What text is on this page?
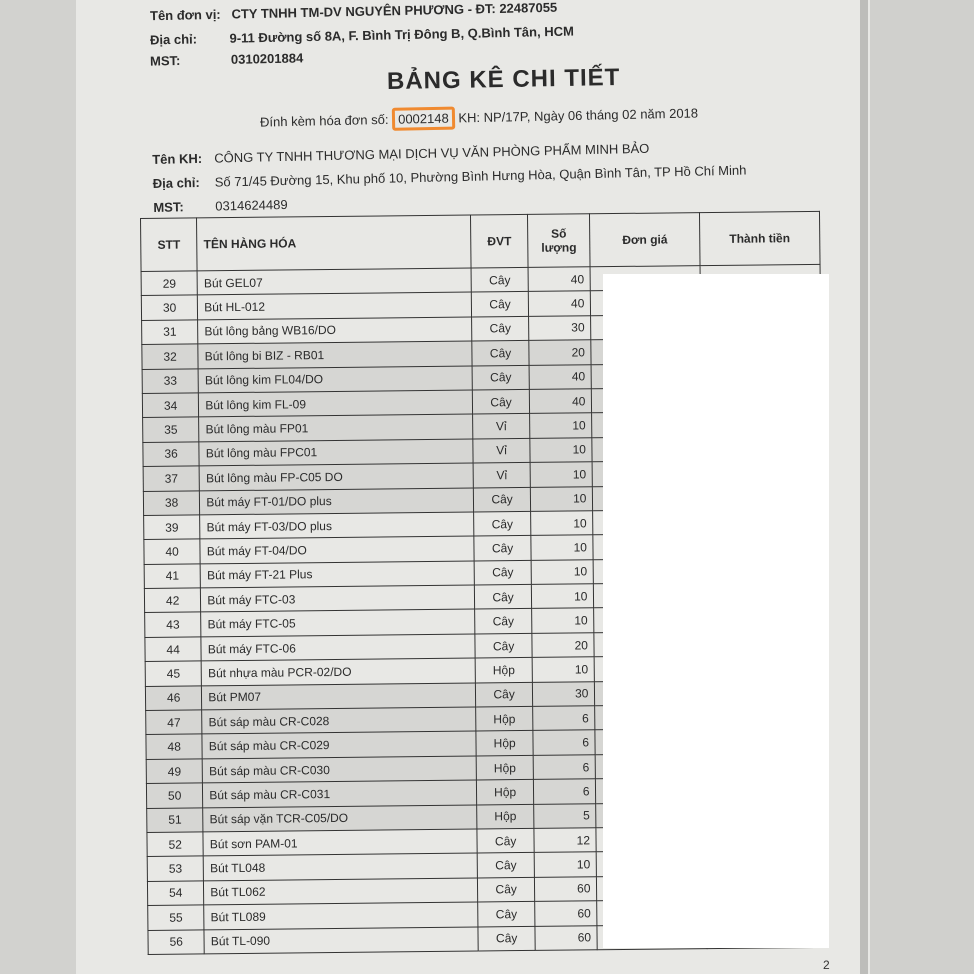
Tên đơn vị: CTY TNHH TM-DV NGUYÊN PHƯƠNG - ĐT: 22487055
Địa chỉ: 9-11 Đường số 8A, F. Bình Trị Đông B, Q.Bình Tân, HCM
MST:	0310201884
BẢNG KÊ CHI TIẾT
Đính kèm hóa đơn số: 0002148 KH: NP/17P, Ngày 06 tháng 02 năm 2018
Tên KH: CÔNG TY TNHH THƯƠNG MẠI DỊCH VỤ VĂN PHÒNG PHẨM MINH BẢO
Địa chỉ: Số 71/45 Đường 15, Khu phố 10, Phường Bình Hưng Hòa, Quận Bình Tân, TP Hồ Chí Minh
MST: 0314624489
STT	TÊN HÀNG HÓA	ĐVT	Số lượng	Đơn giá	Thành tiền
29	Bút GEL07	Cây	40		
30	Bút HL-012	Cây	40		
31	Bút lông bảng WB16/DO	Cây	30		
32	Bút lông bi BIZ - RB01	Cây	20		
33	Bút lông kim FL04/DO	Cây	40		
34	Bút lông kim FL-09	Cây	40		
35	Bút lông màu FP01	Vỉ	10		
36	Bút lông màu FPC01	Vỉ	10		
37	Bút lông màu FP-C05 DO	Vỉ	10		
38	Bút máy FT-01/DO plus	Cây	10		
39	Bút máy FT-03/DO plus	Cây	10		
40	Bút máy FT-04/DO	Cây	10		
41	Bút máy FT-21 Plus	Cây	10		
42	Bút máy FTC-03	Cây	10		
43	Bút máy FTC-05	Cây	10		
44	Bút máy FTC-06	Cây	20		
45	Bút nhựa màu PCR-02/DO	Hộp	10		
46	Bút PM07	Cây	30		
47	Bút sáp màu CR-C028	Hộp	6		
48	Bút sáp màu CR-C029	Hộp	6		
49	Bút sáp màu CR-C030	Hộp	6		
50	Bút sáp màu CR-C031	Hộp	6		
51	Bút sáp vặn TCR-C05/DO	Hộp	5		
52	Bút sơn PAM-01	Cây	12		
53	Bút TL048	Cây	10		
54	Bút TL062	Cây	60		
55	Bút TL089	Cây	60		
56	Bút TL-090	Cây	60		
2
